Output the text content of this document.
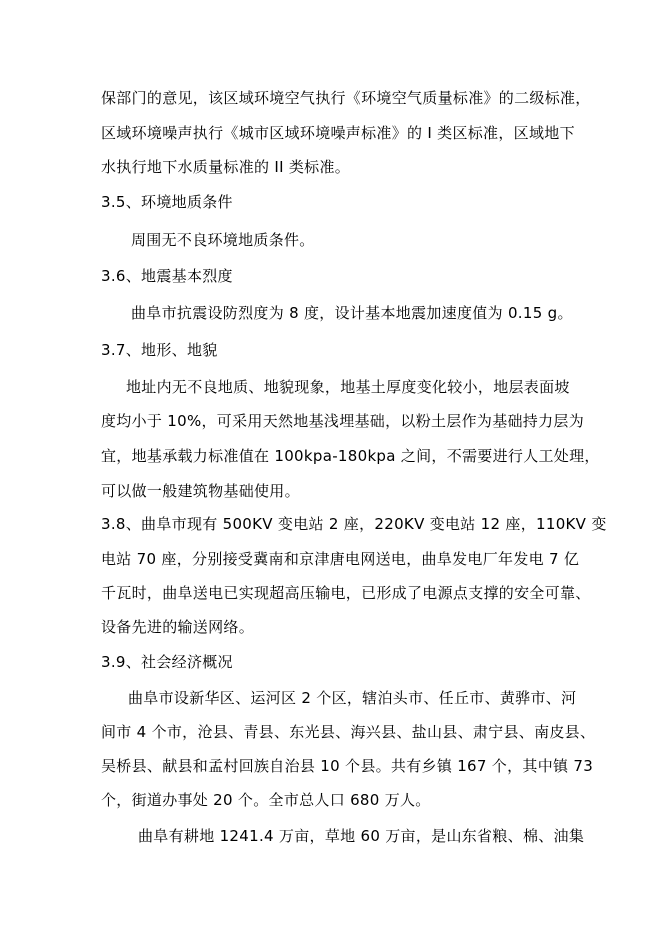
保部门的意见，该区域环境空气执行《环境空气质量标准》的二级标准，
区域环境噪声执行《城市区域环境噪声标准》的 I 类区标准，区域地下
水执行地下水质量标准的 II 类标准。
3.5、环境地质条件
周围无不良环境地质条件。
3.6、地震基本烈度
曲阜市抗震设防烈度为 8 度，设计基本地震加速度值为 0.15 g。
3.7、地形、地貌
地址内无不良地质、地貌现象，地基土厚度变化较小，地层表面坡
度均小于 10%，可采用天然地基浅埋基础，以粉土层作为基础持力层为
宜，地基承载力标准值在 100kpa-180kpa 之间，不需要进行人工处理，
可以做一般建筑物基础使用。
3.8、曲阜市现有 500KV 变电站 2 座，220KV 变电站 12 座，110KV 变
电站 70 座，分别接受冀南和京津唐电网送电，曲阜发电厂年发电 7 亿
千瓦时，曲阜送电已实现超高压输电，已形成了电源点支撑的安全可靠、
设备先进的输送网络。
3.9、社会经济概况
曲阜市设新华区、运河区 2 个区，辖泊头市、任丘市、黄骅市、河
间市 4 个市，沧县、青县、东光县、海兴县、盐山县、肃宁县、南皮县、
吴桥县、献县和孟村回族自治县 10 个县。共有乡镇 167 个，其中镇 73
个，街道办事处 20 个。全市总人口 680 万人。
曲阜有耕地 1241.4 万亩，草地 60 万亩，是山东省粮、棉、油集
